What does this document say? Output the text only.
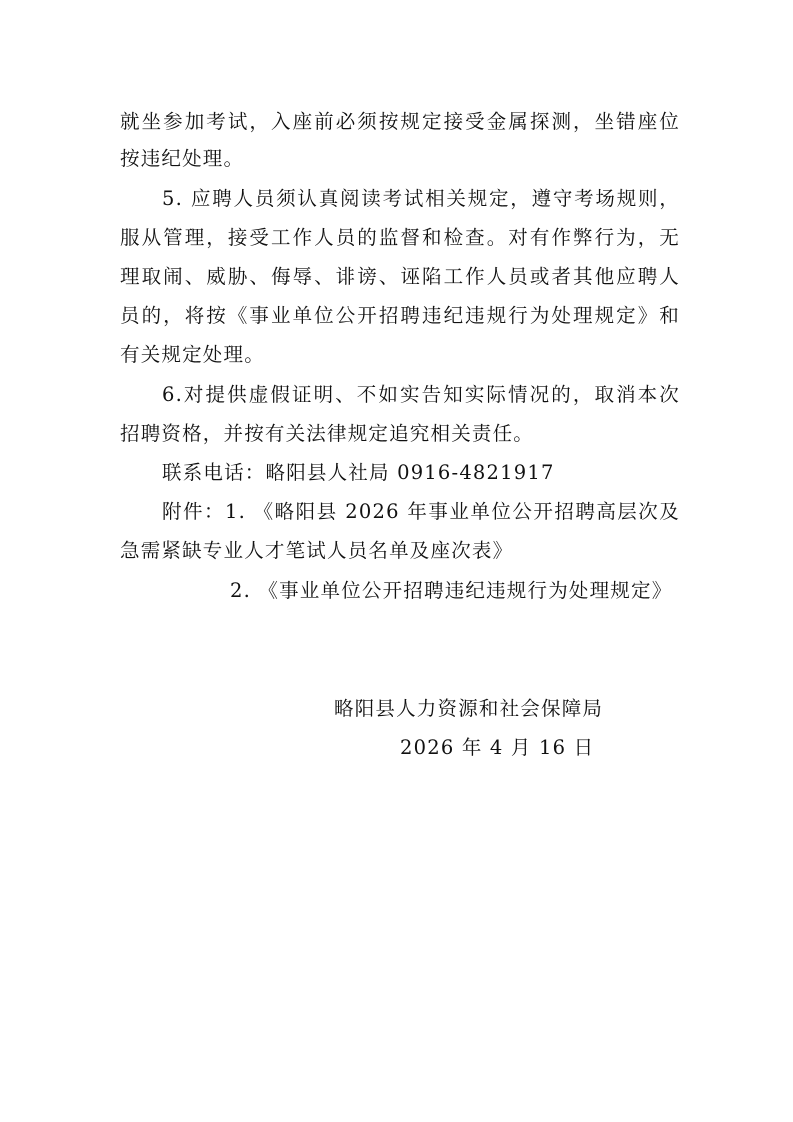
就坐参加考试，入座前必须按规定接受金属探测，坐错座位
按违纪处理。
5. 应聘人员须认真阅读考试相关规定，遵守考场规则，
服从管理，接受工作人员的监督和检查。对有作弊行为，无
理取闹、威胁、侮辱、诽谤、诬陷工作人员或者其他应聘人
员的，将按《事业单位公开招聘违纪违规行为处理规定》和
有关规定处理。
6.对提供虚假证明、不如实告知实际情况的，取消本次
招聘资格，并按有关法律规定追究相关责任。
联系电话：略阳县人社局 0916-4821917
附件：1. 《略阳县 2026 年事业单位公开招聘高层次及
急需紧缺专业人才笔试人员名单及座次表》
2. 《事业单位公开招聘违纪违规行为处理规定》
略阳县人力资源和社会保障局
2026 年 4 月 16 日
